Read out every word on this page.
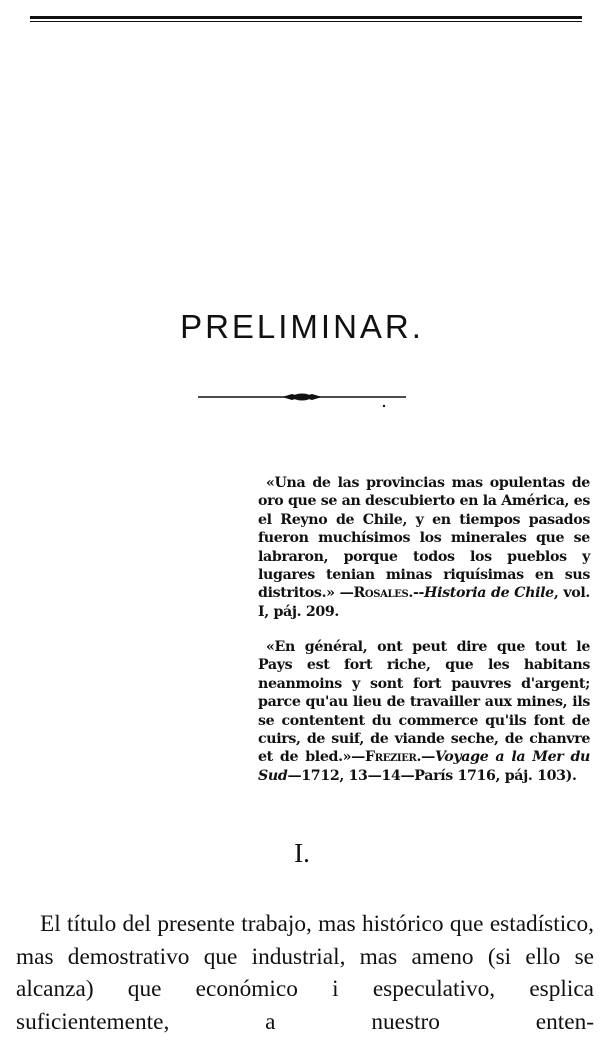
PRELIMINAR.

«Una de las provincias mas opulentas de oro que se an descubierto en la América, es el Reyno de Chile, y en tiempos pasados fueron muchísimos los minerales que se labraron, porque todos los pueblos y lugares tenian minas riquísimas en sus distritos.» —Rosales.--Historia de Chile, vol. I, páj. 209.

«En général, ont peut dire que tout le Pays est fort riche, que les habitans neanmoins y sont fort pauvres d'argent; parce qu'au lieu de travailler aux mines, ils se contentent du commerce qu'ils font de cuirs, de suif, de viande seche, de chanvre et de bled.»—Frezier.—Voyage a la Mer du Sud—1712, 13—14—París 1716, páj. 103).

I.

El título del presente trabajo, mas histórico que estadístico, mas demostrativo que industrial, mas ameno (si ello se alcanza) que económico i especulativo, esplica suficientemente, a nuestro enten-
